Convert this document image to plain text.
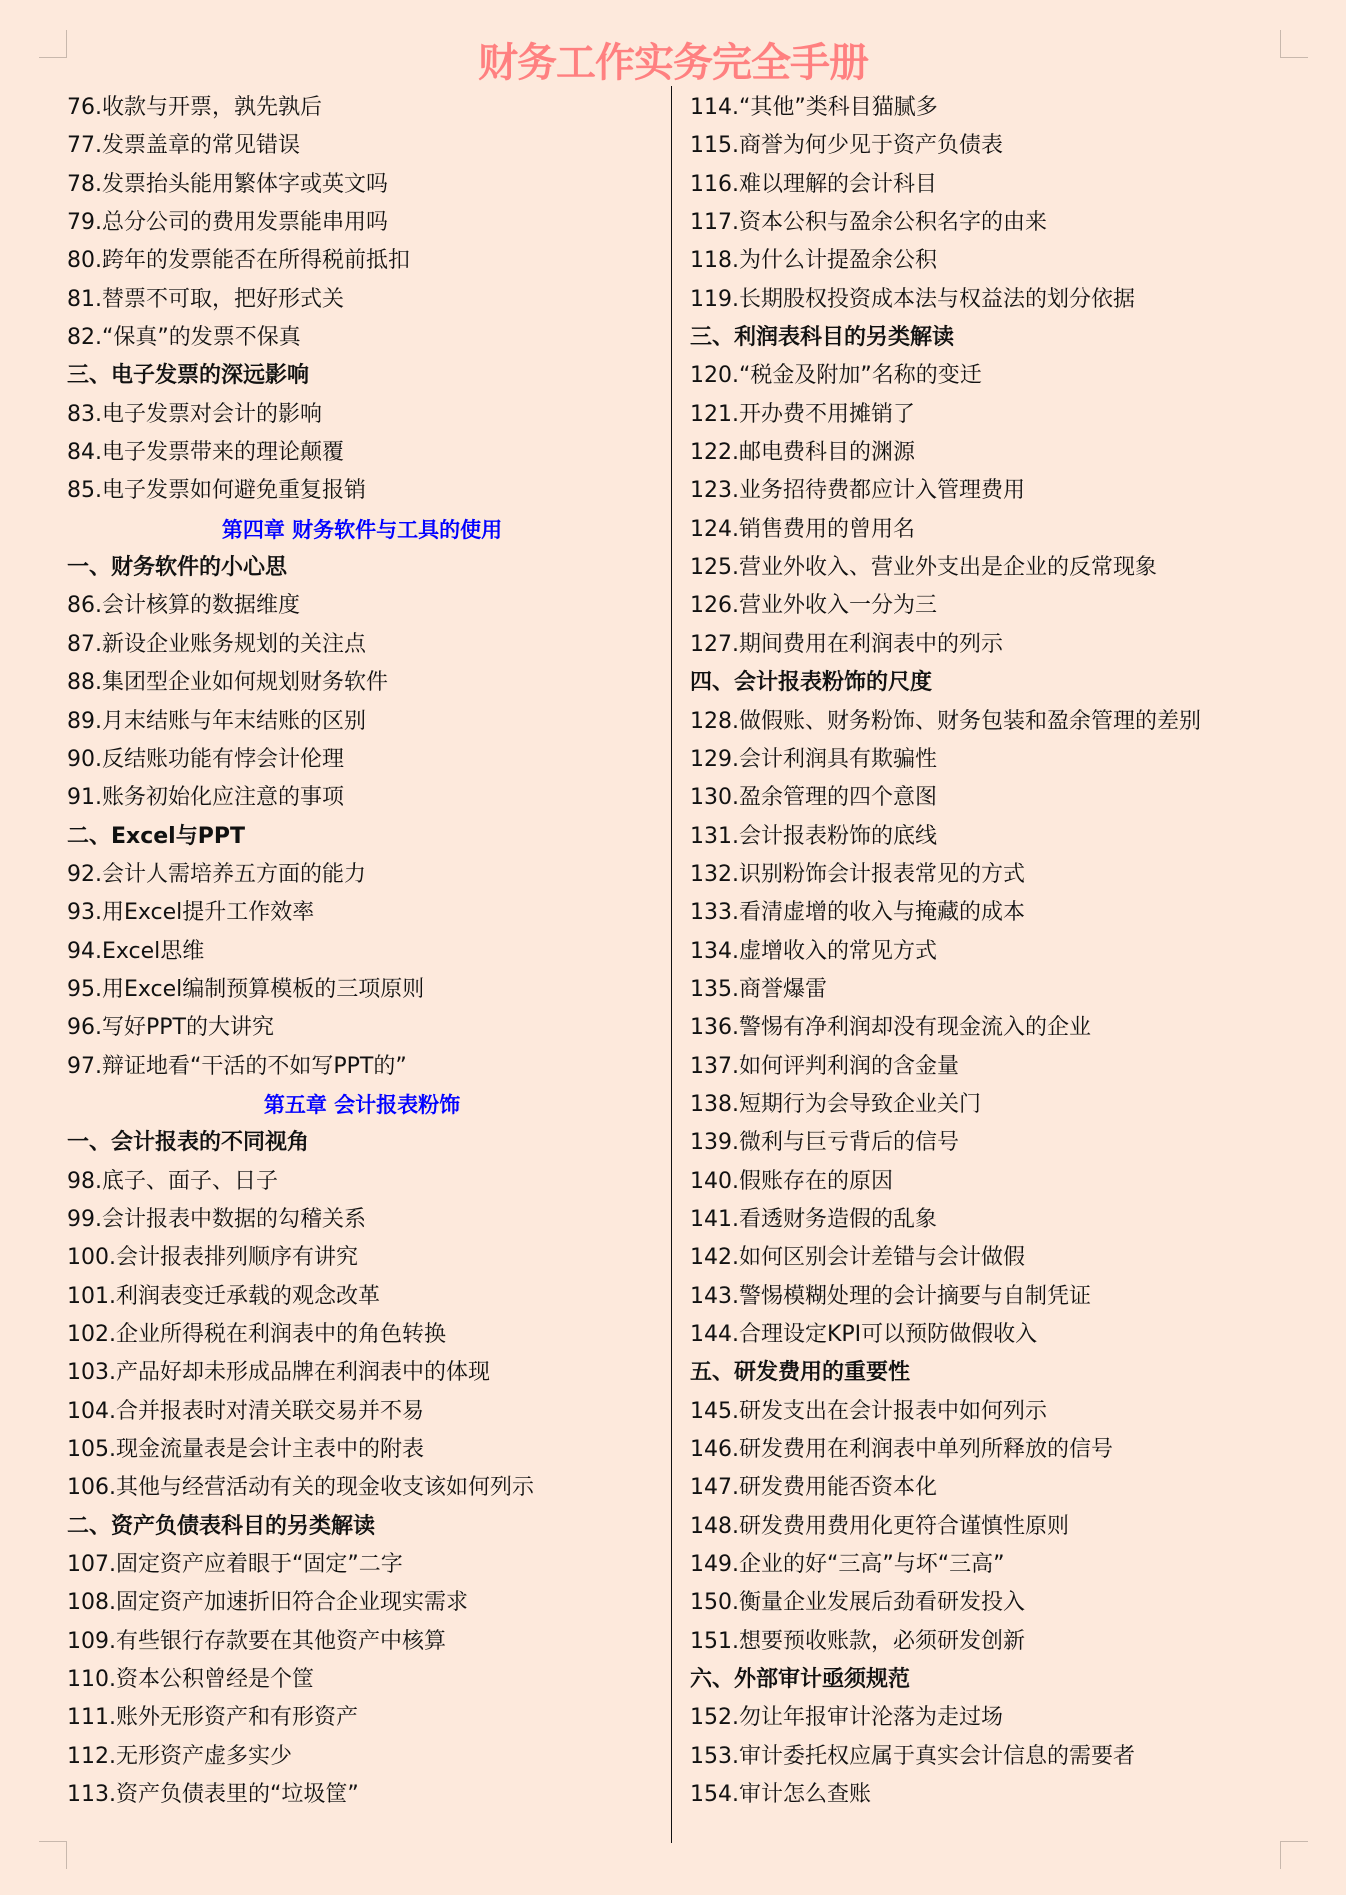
财务工作实务完全手册
76.收款与开票，孰先孰后
77.发票盖章的常见错误
78.发票抬头能用繁体字或英文吗
79.总分公司的费用发票能串用吗
80.跨年的发票能否在所得税前抵扣
81.替票不可取，把好形式关
82.“保真”的发票不保真
三、电子发票的深远影响
83.电子发票对会计的影响
84.电子发票带来的理论颠覆
85.电子发票如何避免重复报销
第四章 财务软件与工具的使用
一、财务软件的小心思
86.会计核算的数据维度
87.新设企业账务规划的关注点
88.集团型企业如何规划财务软件
89.月末结账与年末结账的区别
90.反结账功能有悖会计伦理
91.账务初始化应注意的事项
二、Excel与PPT
92.会计人需培养五方面的能力
93.用Excel提升工作效率
94.Excel思维
95.用Excel编制预算模板的三项原则
96.写好PPT的大讲究
97.辩证地看“干活的不如写PPT的”
第五章 会计报表粉饰
一、会计报表的不同视角
98.底子、面子、日子
99.会计报表中数据的勾稽关系
100.会计报表排列顺序有讲究
101.利润表变迁承载的观念改革
102.企业所得税在利润表中的角色转换
103.产品好却未形成品牌在利润表中的体现
104.合并报表时对清关联交易并不易
105.现金流量表是会计主表中的附表
106.其他与经营活动有关的现金收支该如何列示
二、资产负债表科目的另类解读
107.固定资产应着眼于“固定”二字
108.固定资产加速折旧符合企业现实需求
109.有些银行存款要在其他资产中核算
110.资本公积曾经是个筐
111.账外无形资产和有形资产
112.无形资产虚多实少
113.资产负债表里的“垃圾筐”
114.“其他”类科目猫腻多
115.商誉为何少见于资产负债表
116.难以理解的会计科目
117.资本公积与盈余公积名字的由来
118.为什么计提盈余公积
119.长期股权投资成本法与权益法的划分依据
三、利润表科目的另类解读
120.“税金及附加”名称的变迁
121.开办费不用摊销了
122.邮电费科目的渊源
123.业务招待费都应计入管理费用
124.销售费用的曾用名
125.营业外收入、营业外支出是企业的反常现象
126.营业外收入一分为三
127.期间费用在利润表中的列示
四、会计报表粉饰的尺度
128.做假账、财务粉饰、财务包装和盈余管理的差别
129.会计利润具有欺骗性
130.盈余管理的四个意图
131.会计报表粉饰的底线
132.识别粉饰会计报表常见的方式
133.看清虚增的收入与掩藏的成本
134.虚增收入的常见方式
135.商誉爆雷
136.警惕有净利润却没有现金流入的企业
137.如何评判利润的含金量
138.短期行为会导致企业关门
139.微利与巨亏背后的信号
140.假账存在的原因
141.看透财务造假的乱象
142.如何区别会计差错与会计做假
143.警惕模糊处理的会计摘要与自制凭证
144.合理设定KPI可以预防做假收入
五、研发费用的重要性
145.研发支出在会计报表中如何列示
146.研发费用在利润表中单列所释放的信号
147.研发费用能否资本化
148.研发费用费用化更符合谨慎性原则
149.企业的好“三高”与坏“三高”
150.衡量企业发展后劲看研发投入
151.想要预收账款，必须研发创新
六、外部审计亟须规范
152.勿让年报审计沦落为走过场
153.审计委托权应属于真实会计信息的需要者
154.审计怎么查账
